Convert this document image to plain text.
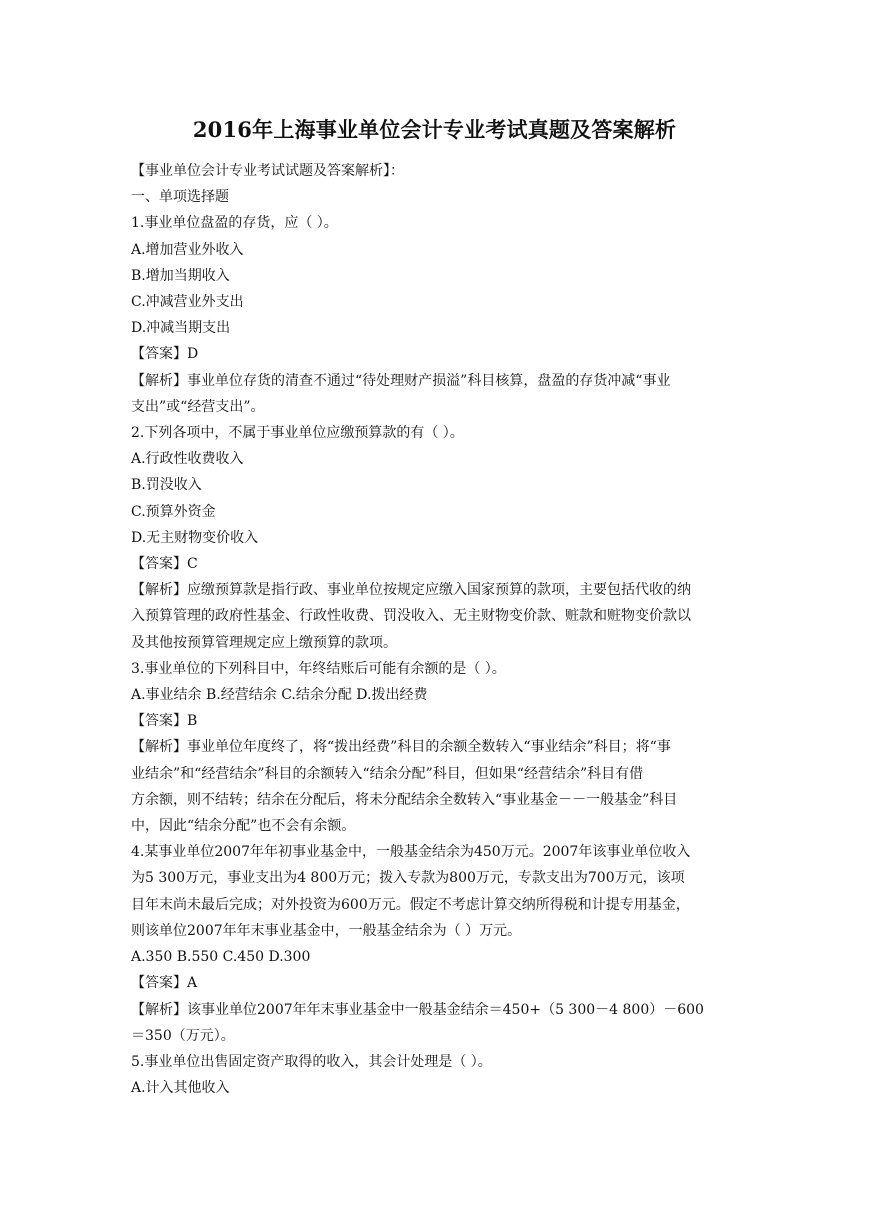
2016年上海事业单位会计专业考试真题及答案解析
【事业单位会计专业考试试题及答案解析】：
一、单项选择题
1.事业单位盘盈的存货，应（ ）。
A.增加营业外收入
B.增加当期收入
C.冲减营业外支出
D.冲减当期支出
【答案】D
【解析】事业单位存货的清查不通过“待处理财产损溢”科目核算，盘盈的存货冲减“事业
支出”或“经营支出”。
2.下列各项中，不属于事业单位应缴预算款的有（ ）。
A.行政性收费收入
B.罚没收入
C.预算外资金
D.无主财物变价收入
【答案】C
【解析】应缴预算款是指行政、事业单位按规定应缴入国家预算的款项，主要包括代收的纳
入预算管理的政府性基金、行政性收费、罚没收入、无主财物变价款、赃款和赃物变价款以
及其他按预算管理规定应上缴预算的款项。
3.事业单位的下列科目中，年终结账后可能有余额的是（ ）。
A.事业结余 B.经营结余 C.结余分配 D.拨出经费
【答案】B
【解析】事业单位年度终了，将“拨出经费”科目的余额全数转入“事业结余”科目；将“事
业结余”和“经营结余”科目的余额转入“结余分配”科目，但如果“经营结余”科目有借
方余额，则不结转；结余在分配后，将未分配结余全数转入“事业基金－－一般基金”科目
中，因此“结余分配”也不会有余额。
4.某事业单位2007年年初事业基金中，一般基金结余为450万元。2007年该事业单位收入
为5 300万元，事业支出为4 800万元；拨入专款为800万元，专款支出为700万元，该项
目年末尚未最后完成；对外投资为600万元。假定不考虑计算交纳所得税和计提专用基金，
则该单位2007年年末事业基金中，一般基金结余为（ ）万元。
A.350 B.550 C.450 D.300
【答案】A
【解析】该事业单位2007年年末事业基金中一般基金结余＝450+（5 300－4 800）－600
＝350（万元）。
5.事业单位出售固定资产取得的收入，其会计处理是（ ）。
A.计入其他收入
